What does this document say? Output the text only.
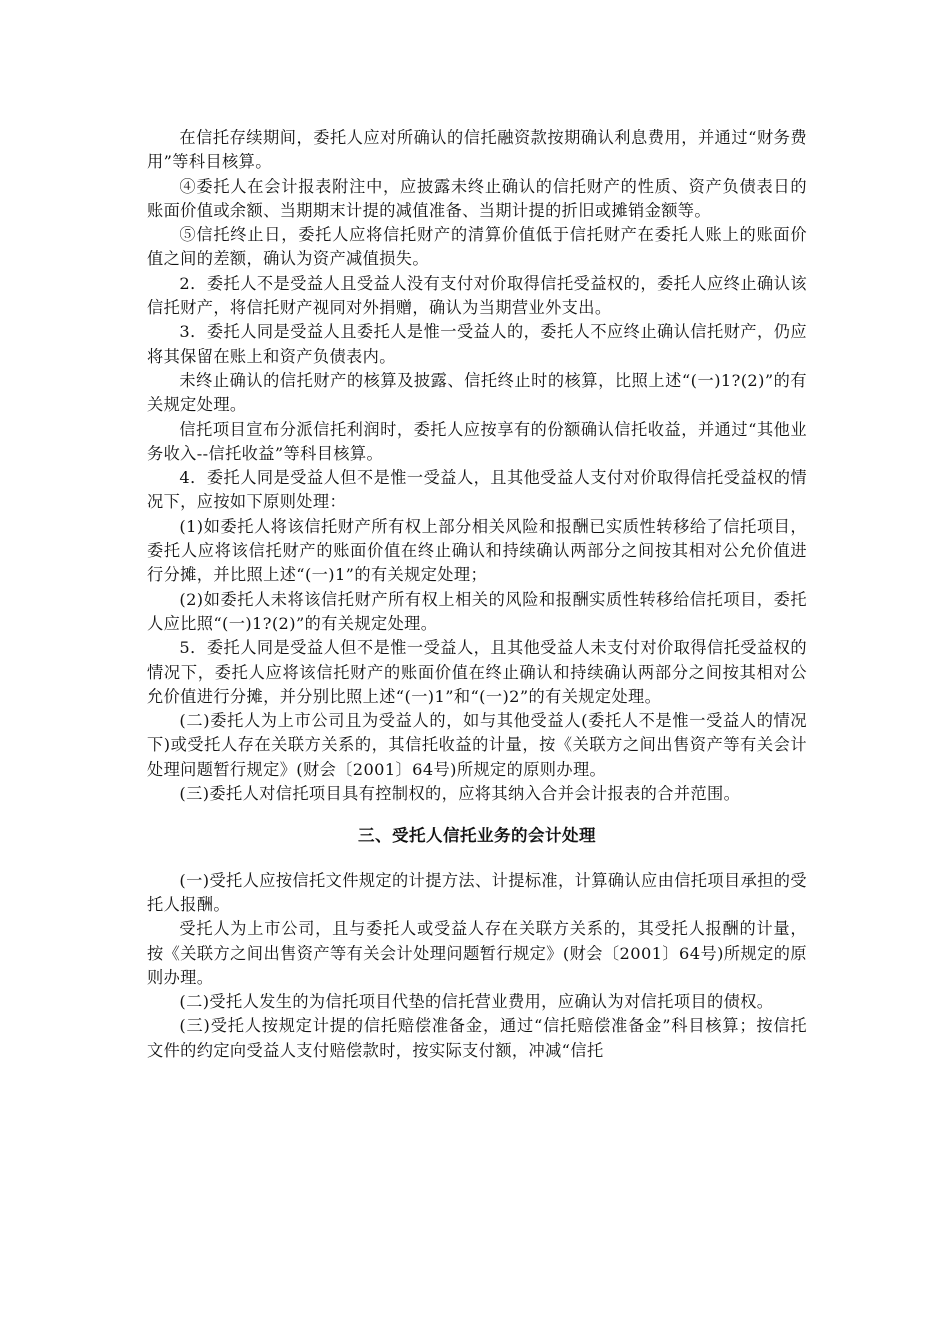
在信托存续期间，委托人应对所确认的信托融资款按期确认利息费用，并通过“财务费用”等科目核算。

④委托人在会计报表附注中，应披露未终止确认的信托财产的性质、资产负债表日的账面价值或余额、当期期末计提的减值准备、当期计提的折旧或摊销金额等。

⑤信托终止日，委托人应将信托财产的清算价值低于信托财产在委托人账上的账面价值之间的差额，确认为资产减值损失。

2．委托人不是受益人且受益人没有支付对价取得信托受益权的，委托人应终止确认该信托财产，将信托财产视同对外捐赠，确认为当期营业外支出。

3．委托人同是受益人且委托人是惟一受益人的，委托人不应终止确认信托财产，仍应将其保留在账上和资产负债表内。

未终止确认的信托财产的核算及披露、信托终止时的核算，比照上述“(一)1?(2)”的有关规定处理。

信托项目宣布分派信托利润时，委托人应按享有的份额确认信托收益，并通过“其他业务收入--信托收益”等科目核算。

4．委托人同是受益人但不是惟一受益人，且其他受益人支付对价取得信托受益权的情况下，应按如下原则处理：

(1)如委托人将该信托财产所有权上部分相关风险和报酬已实质性转移给了信托项目，委托人应将该信托财产的账面价值在终止确认和持续确认两部分之间按其相对公允价值进行分摊，并比照上述“(一)1”的有关规定处理；

(2)如委托人未将该信托财产所有权上相关的风险和报酬实质性转移给信托项目，委托人应比照“(一)1?(2)”的有关规定处理。

5．委托人同是受益人但不是惟一受益人，且其他受益人未支付对价取得信托受益权的情况下，委托人应将该信托财产的账面价值在终止确认和持续确认两部分之间按其相对公允价值进行分摊，并分别比照上述“(一)1”和“(一)2”的有关规定处理。

(二)委托人为上市公司且为受益人的，如与其他受益人(委托人不是惟一受益人的情况下)或受托人存在关联方关系的，其信托收益的计量，按《关联方之间出售资产等有关会计处理问题暂行规定》(财会〔2001〕64号)所规定的原则办理。

(三)委托人对信托项目具有控制权的，应将其纳入合并会计报表的合并范围。

三、受托人信托业务的会计处理

(一)受托人应按信托文件规定的计提方法、计提标准，计算确认应由信托项目承担的受托人报酬。

受托人为上市公司，且与委托人或受益人存在关联方关系的，其受托人报酬的计量，按《关联方之间出售资产等有关会计处理问题暂行规定》(财会〔2001〕64号)所规定的原则办理。

(二)受托人发生的为信托项目代垫的信托营业费用，应确认为对信托项目的债权。

(三)受托人按规定计提的信托赔偿准备金，通过“信托赔偿准备金”科目核算；按信托文件的约定向受益人支付赔偿款时，按实际支付额，冲减“信托
